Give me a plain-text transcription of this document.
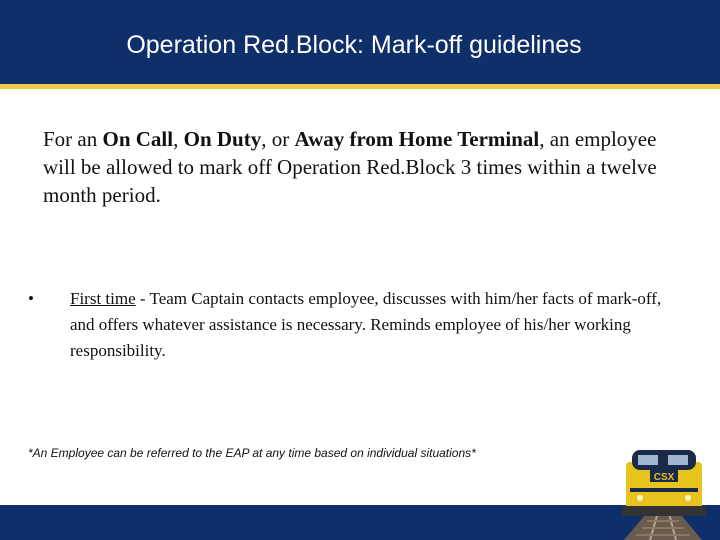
Operation Red.Block: Mark-off guidelines
For an On Call, On Duty, or Away from Home Terminal, an employee will be allowed to mark off Operation Red.Block 3 times within a twelve month period.
•	First time - Team Captain contacts employee, discusses with him/her facts of mark-off, and offers whatever assistance is necessary. Reminds employee of his/her working responsibility.
*An Employee can be referred to the EAP at any time based on individual situations*
CSX
